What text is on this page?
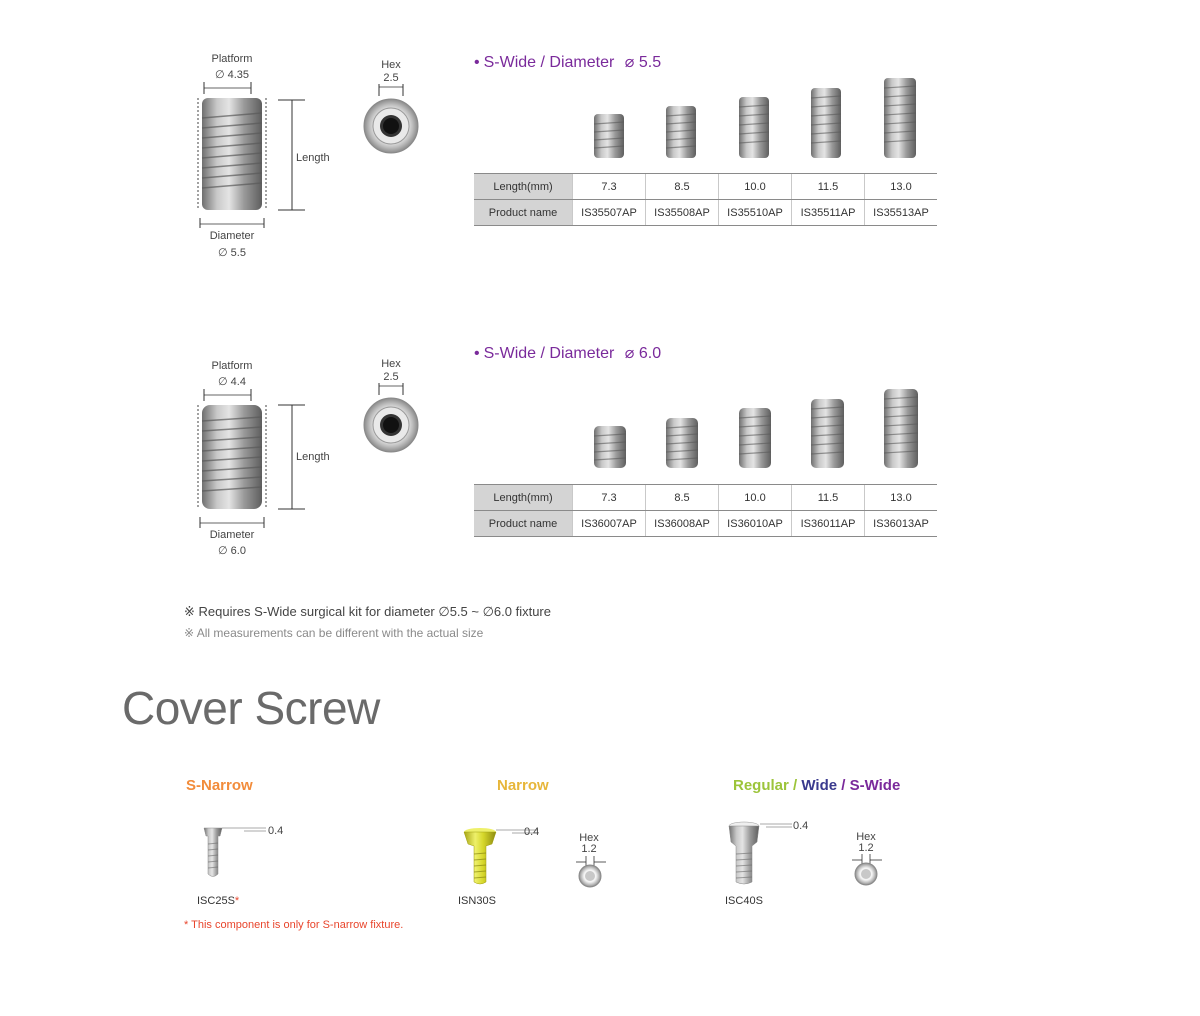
Platform
∅ 4.35
Length
Diameter
∅ 5.5
Hex
2.5
• S-Wide / Diameter ⌀ 5.5
Length(mm)	7.3	8.5	10.0	11.5	13.0
Product name	IS35507AP	IS35508AP	IS35510AP	IS35511AP	IS35513AP
Platform
∅ 4.4
Length
Diameter
∅ 6.0
Hex
2.5
• S-Wide / Diameter ⌀ 6.0
Length(mm)	7.3	8.5	10.0	11.5	13.0
Product name	IS36007AP	IS36008AP	IS36010AP	IS36011AP	IS36013AP
※ Requires S-Wide surgical kit for diameter ∅5.5 ~ ∅6.0 fixture
※ All measurements can be different with the actual size
Cover Screw
S-Narrow
0.4
ISC25S*
* This component is only for S-narrow fixture.
Narrow
0.4
ISN30S
Hex
1.2
Regular / Wide / S-Wide
0.4
ISC40S
Hex
1.2
